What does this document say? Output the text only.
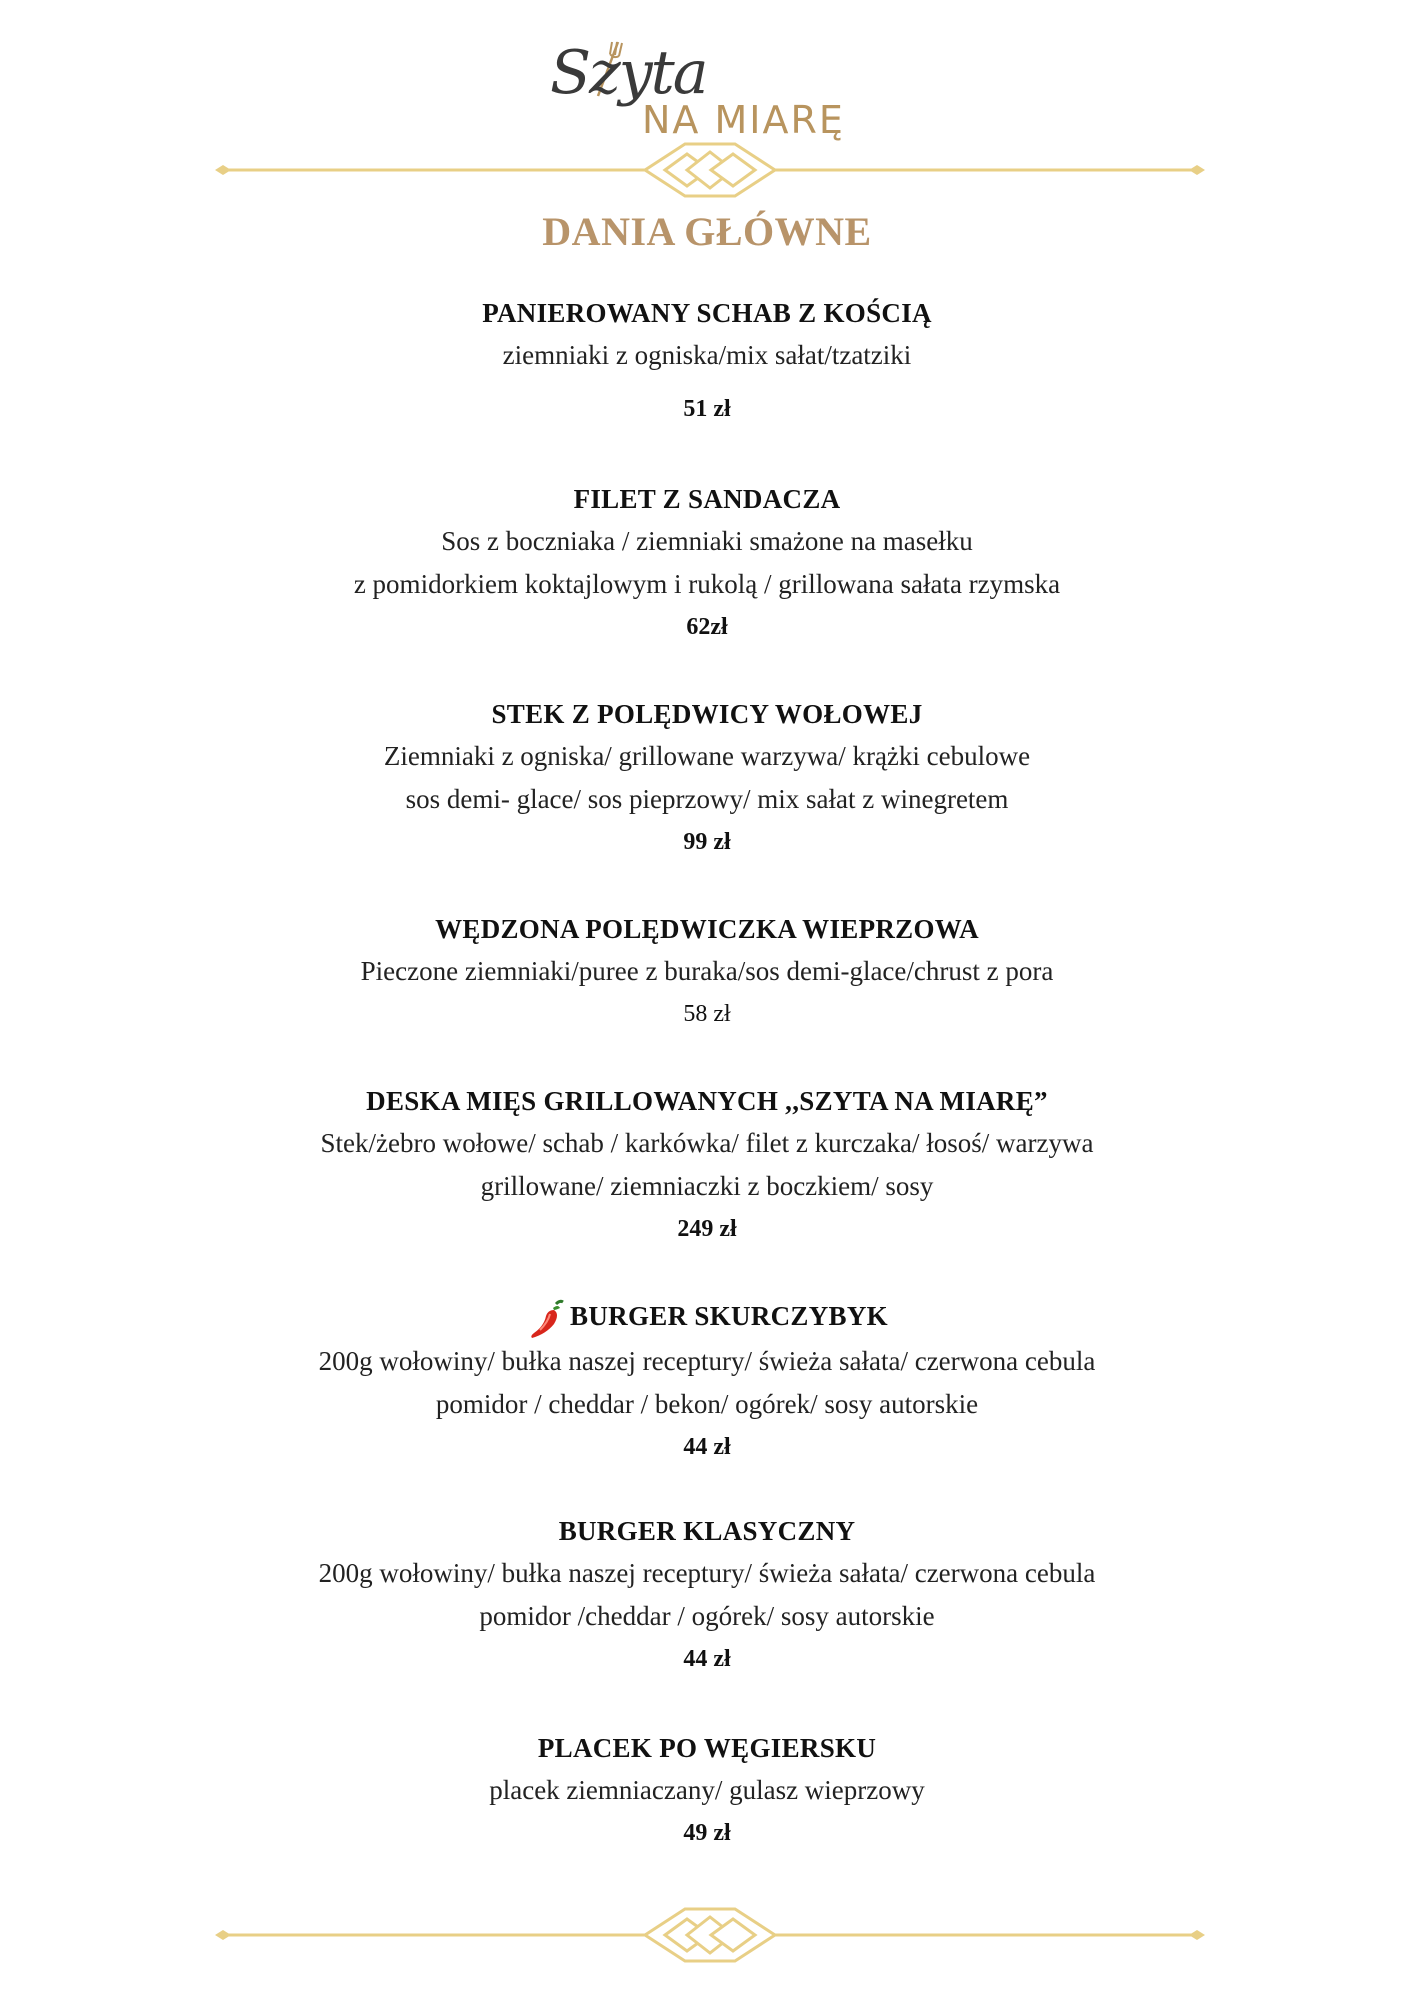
Szyta
NA MIARĘ
DANIA GŁÓWNE
PANIEROWANY SCHAB Z KOŚCIĄ
ziemniaki z ogniska/mix sałat/tzatziki
51 zł
FILET Z SANDACZA
Sos z boczniaka / ziemniaki smażone na masełku
z pomidorkiem koktajlowym i rukolą / grillowana sałata rzymska
62zł
STEK Z POLĘDWICY WOŁOWEJ
Ziemniaki z ogniska/ grillowane warzywa/ krążki cebulowe
sos demi- glace/ sos pieprzowy/ mix sałat z winegretem
99 zł
WĘDZONA POLĘDWICZKA WIEPRZOWA
Pieczone ziemniaki/puree z buraka/sos demi-glace/chrust z pora
58 zł
DESKA MIĘS GRILLOWANYCH ,,SZYTA NA MIARĘ”
Stek/żebro wołowe/ schab / karkówka/ filet z kurczaka/ łosoś/ warzywa
grillowane/ ziemniaczki z boczkiem/ sosy
249 zł
BURGER SKURCZYBYK
200g wołowiny/ bułka naszej receptury/ świeża sałata/ czerwona cebula
pomidor / cheddar / bekon/ ogórek/ sosy autorskie
44 zł
BURGER KLASYCZNY
200g wołowiny/ bułka naszej receptury/ świeża sałata/ czerwona cebula
pomidor /cheddar / ogórek/ sosy autorskie
44 zł
PLACEK PO WĘGIERSKU
placek ziemniaczany/ gulasz wieprzowy
49 zł
